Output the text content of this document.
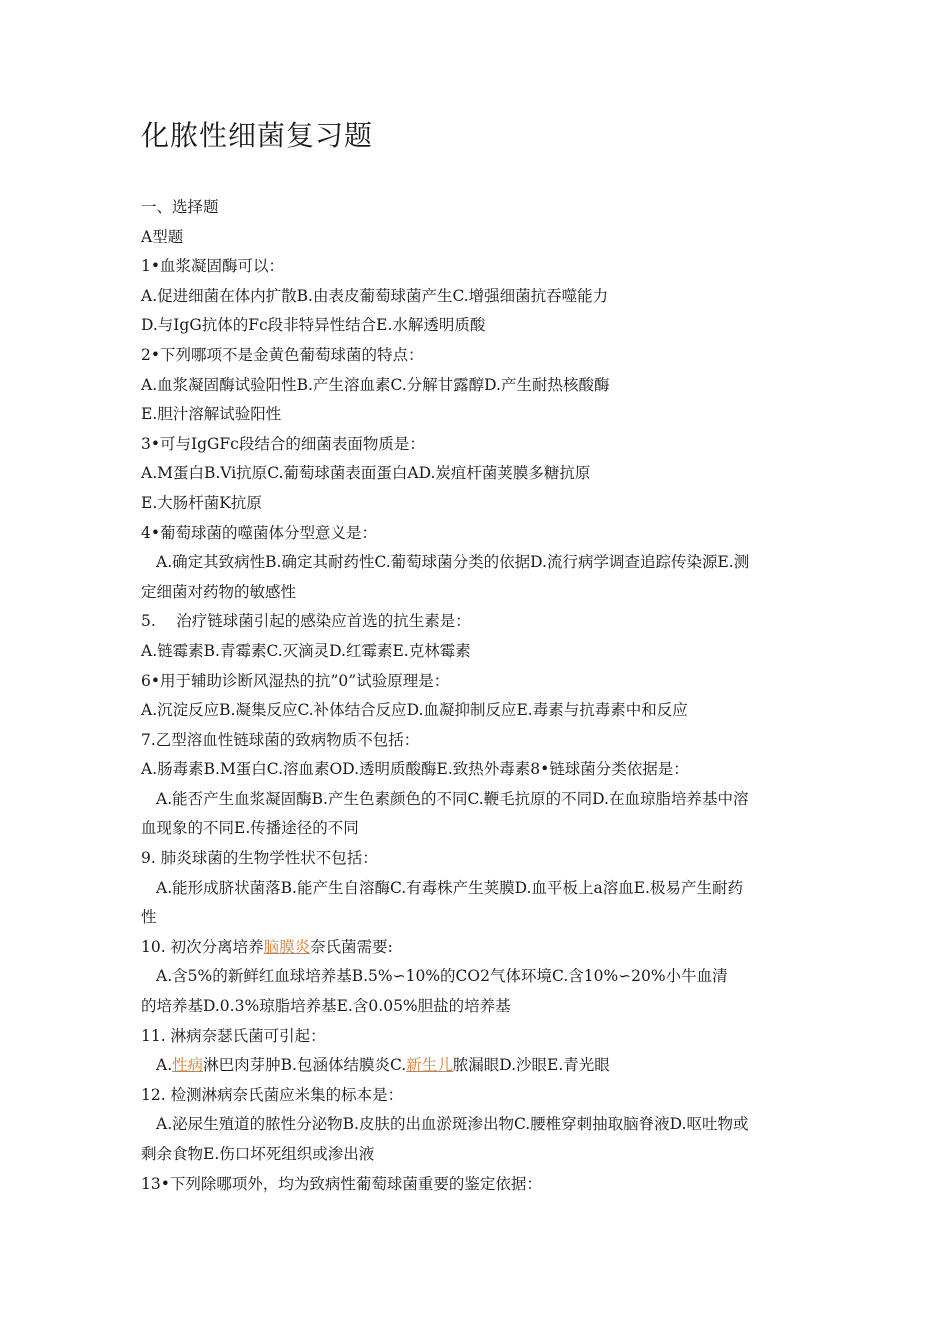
化脓性细菌复习题
一、选择题
A型题
1•血浆凝固酶可以：
A.促进细菌在体内扩散B.由表皮葡萄球菌产生C.增强细菌抗吞噬能力
D.与IgG抗体的Fc段非特异性结合E.水解透明质酸
2•下列哪项不是金黄色葡萄球菌的特点：
A.血浆凝固酶试验阳性B.产生溶血素C.分解甘露醇D.产生耐热核酸酶
E.胆汁溶解试验阳性
3•可与IgGFc段结合的细菌表面物质是：
A.M蛋白B.Vi抗原C.葡萄球菌表面蛋白AD.炭疽杆菌荚膜多糖抗原
E.大肠杆菌K抗原
4•葡萄球菌的噬菌体分型意义是：
A.确定其致病性B.确定其耐药性C.葡萄球菌分类的依据D.流行病学调查追踪传染源E.测
定细菌对药物的敏感性
5.　 治疗链球菌引起的感染应首选的抗生素是：
A.链霉素B.青霉素C.灭滴灵D.红霉素E.克林霉素
6•用于辅助诊断风湿热的抗”0”试验原理是：
A.沉淀反应B.凝集反应C.补体结合反应D.血凝抑制反应E.毒素与抗毒素中和反应
7.乙型溶血性链球菌的致病物质不包括：
A.肠毒素B.M蛋白C.溶血素OD.透明质酸酶E.致热外毒素8•链球菌分类依据是：
A.能否产生血浆凝固酶B.产生色素颜色的不同C.鞭毛抗原的不同D.在血琼脂培养基中溶
血现象的不同E.传播途径的不同
9. 肺炎球菌的生物学性状不包括：
A.能形成脐状菌落B.能产生自溶酶C.有毒株产生荚膜D.血平板上a溶血E.极易产生耐药
性
10. 初次分离培养脑膜炎奈氏菌需要:
A.含5%的新鲜红血球培养基B.5%∽10%的CO2气体环境C.含10%∽20%小牛血清
的培养基D.0.3%琼脂培养基E.含0.05%胆盐的培养基
11. 淋病奈瑟氏菌可引起：
A.性病淋巴肉芽肿B.包涵体结膜炎C.新生儿脓漏眼D.沙眼E.青光眼
12. 检测淋病奈氏菌应米集的标本是：
A.泌尿生殖道的脓性分泌物B.皮肤的出血淤斑渗出物C.腰椎穿刺抽取脑脊液D.呕吐物或
剩余食物E.伤口坏死组织或渗出液
13•下列除哪项外，均为致病性葡萄球菌重要的鉴定依据：
